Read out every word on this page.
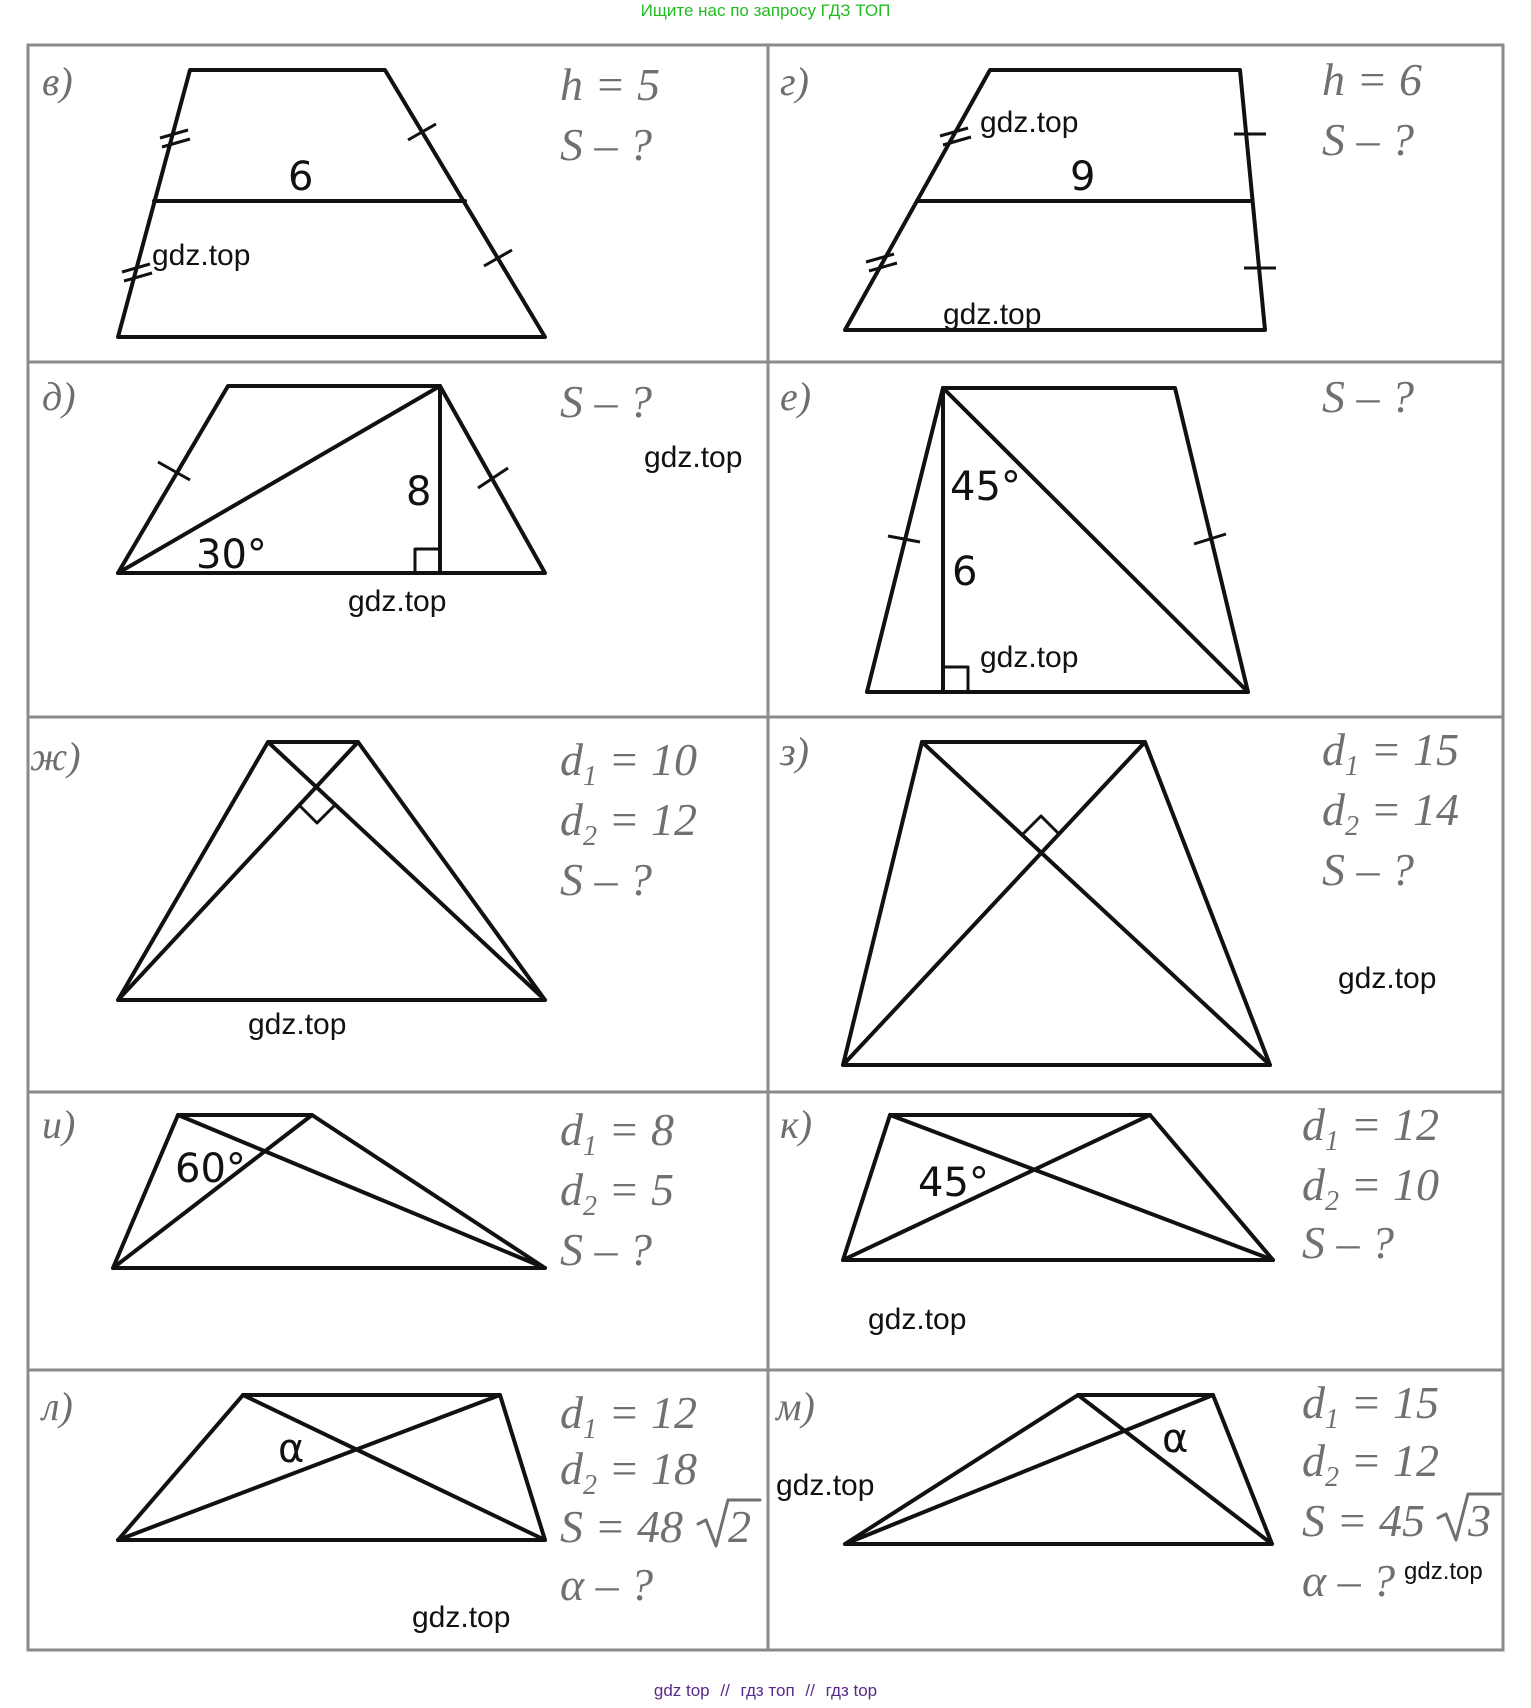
Ищите нас по запросу ГДЗ ТОП
в)
6
h = 5
S – ?
gdz.top
г)
9
h = 6
S – ?
gdz.top
gdz.top
д)
8
30°
S – ?
gdz.top
gdz.top
е)
45°
6
S – ?
gdz.top
ж)	$d_1 = 10$
$d_2 = 12$
S – ?
gdz.top
з)	$d_1 = 15$
$d_2 = 14$
S – ?
gdz.top
и)
60°
$d_1 = 8$
$d_2 = 5$
S – ?
к)
45°
$d_1 = 12$
$d_2 = 10$
S – ?
gdz.top
л)
α
$d_1 = 12$
$d_2 = 18$
S = 48 2
α – ?
gdz.top
м)
α
$d_1 = 15$
$d_2 = 12$
S = 45 3
α – ?
gdz.top
gdz.top
gdz top // гдз топ // гдз top
